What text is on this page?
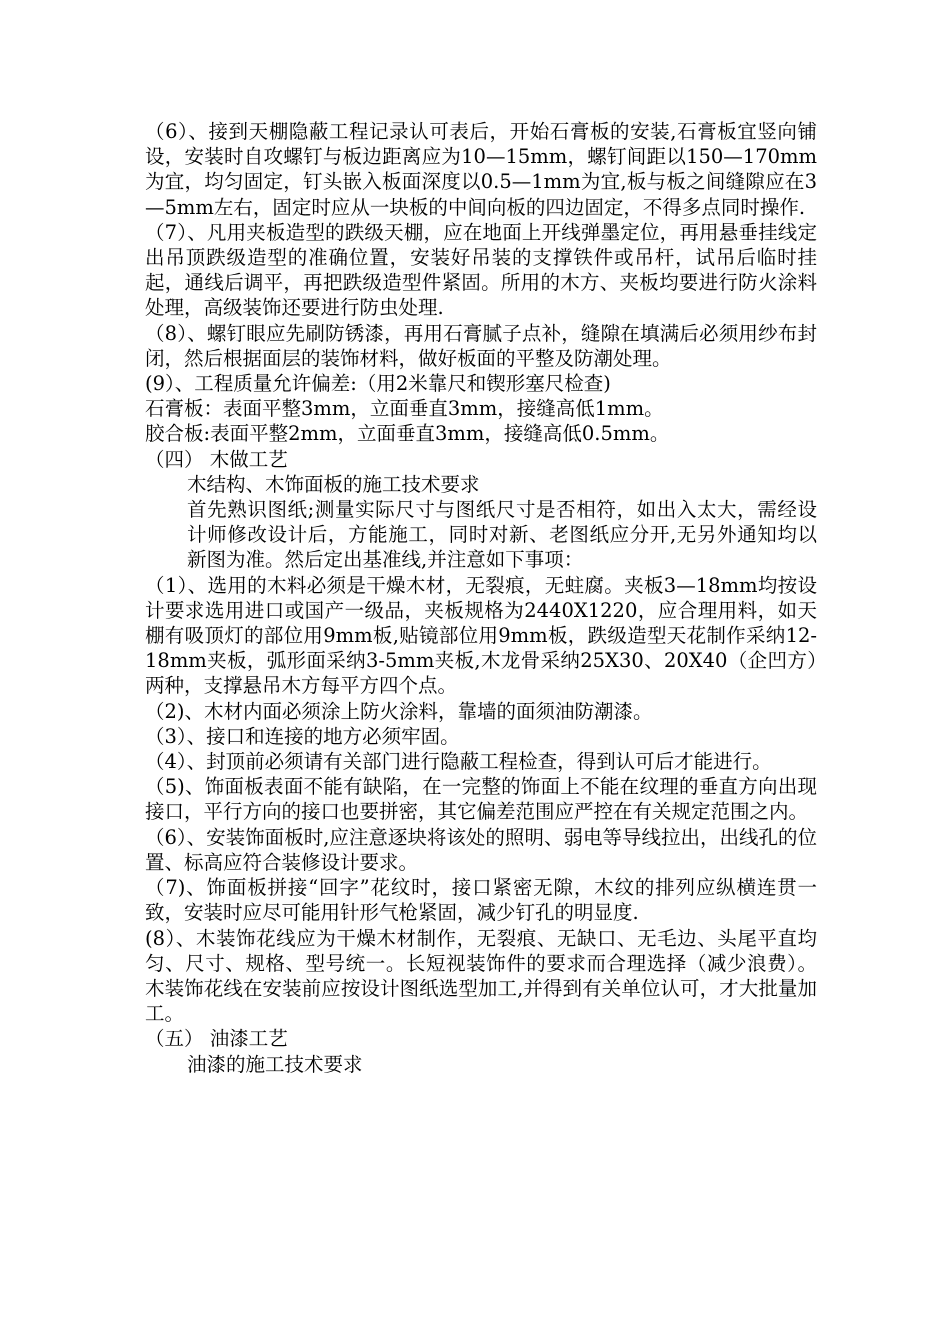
（6）、接到天棚隐蔽工程记录认可表后，开始石膏板的安装,石膏板宜竖向铺设，安装时自攻螺钉与板边距离应为10—15mm，螺钉间距以150—170mm为宜，均匀固定，钉头嵌入板面深度以0.5—1mm为宜,板与板之间缝隙应在3—5mm左右，固定时应从一块板的中间向板的四边固定，不得多点同时操作.

（7）、凡用夹板造型的跌级天棚，应在地面上开线弹墨定位，再用悬垂挂线定出吊顶跌级造型的准确位置，安装好吊装的支撑铁件或吊杆，试吊后临时挂起，通线后调平，再把跌级造型件紧固。所用的木方、夹板均要进行防火涂料处理，高级装饰还要进行防虫处理.

（8）、螺钉眼应先刷防锈漆，再用石膏腻子点补，缝隙在填满后必须用纱布封闭，然后根据面层的装饰材料，做好板面的平整及防潮处理。

(9）、工程质量允许偏差:（用2米靠尺和锲形塞尺检查)

石膏板：表面平整3mm，立面垂直3mm，接缝高低1mm。

胶合板:表面平整2mm，立面垂直3mm，接缝高低0.5mm。

（四） 木做工艺

木结构、木饰面板的施工技术要求

首先熟识图纸;测量实际尺寸与图纸尺寸是否相符，如出入太大，需经设计师修改设计后，方能施工，同时对新、老图纸应分开,无另外通知均以新图为准。然后定出基准线,并注意如下事项：

（1）、选用的木料必须是干燥木材，无裂痕，无蛀腐。夹板3—18mm均按设计要求选用进口或国产一级品，夹板规格为2440X1220，应合理用料，如天棚有吸顶灯的部位用9mm板,贴镜部位用9mm板，跌级造型天花制作采纳12-18mm夹板，弧形面采纳3-5mm夹板,木龙骨采纳25X30、20X40（企凹方）两种，支撑悬吊木方每平方四个点。

（2)、木材内面必须涂上防火涂料，靠墙的面须油防潮漆。

（3）、接口和连接的地方必须牢固。

（4）、封顶前必须请有关部门进行隐蔽工程检查，得到认可后才能进行。

（5)、饰面板表面不能有缺陷，在一完整的饰面上不能在纹理的垂直方向出现接口，平行方向的接口也要拼密，其它偏差范围应严控在有关规定范围之内。

（6）、安装饰面板时,应注意逐块将该处的照明、弱电等导线拉出，出线孔的位置、标高应符合装修设计要求。

（7)、饰面板拼接“回字”花纹时，接口紧密无隙，木纹的排列应纵横连贯一致，安装时应尽可能用针形气枪紧固，减少钉孔的明显度.

(8）、木装饰花线应为干燥木材制作，无裂痕、无缺口、无毛边、头尾平直均匀、尺寸、规格、型号统一。长短视装饰件的要求而合理选择（减少浪费）。木装饰花线在安装前应按设计图纸选型加工,并得到有关单位认可，才大批量加工。

（五） 油漆工艺

油漆的施工技术要求
